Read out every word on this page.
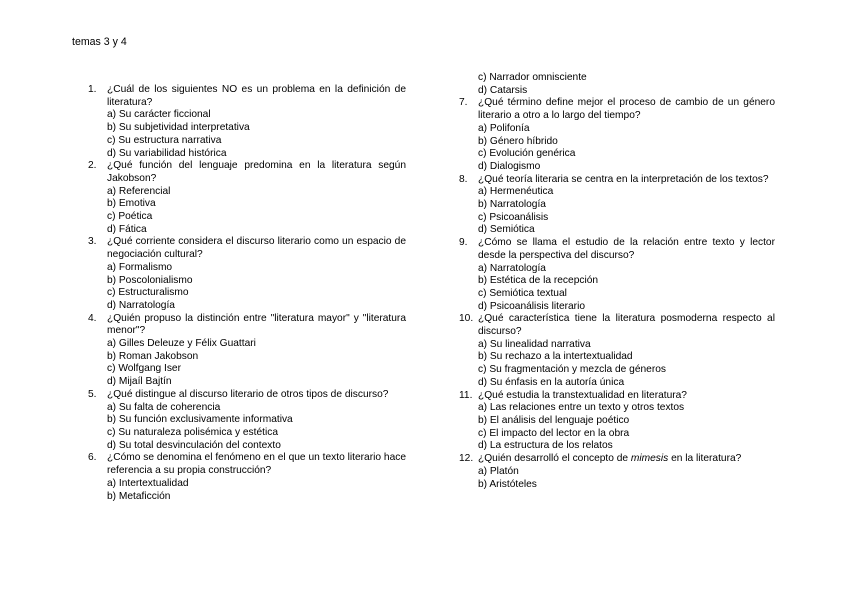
temas 3 y 4
1. ¿Cuál de los siguientes NO es un problema en la definición de literatura?
a) Su carácter ficcional
b) Su subjetividad interpretativa
c) Su estructura narrativa
d) Su variabilidad histórica
2. ¿Qué función del lenguaje predomina en la literatura según Jakobson?
a) Referencial
b) Emotiva
c) Poética
d) Fática
3. ¿Qué corriente considera el discurso literario como un espacio de negociación cultural?
a) Formalismo
b) Poscolonialismo
c) Estructuralismo
d) Narratología
4. ¿Quién propuso la distinción entre "literatura mayor" y "literatura menor"?
a) Gilles Deleuze y Félix Guattari
b) Roman Jakobson
c) Wolfgang Iser
d) Mijaíl Bajtín
5. ¿Qué distingue al discurso literario de otros tipos de discurso?
a) Su falta de coherencia
b) Su función exclusivamente informativa
c) Su naturaleza polisémica y estética
d) Su total desvinculación del contexto
6. ¿Cómo se denomina el fenómeno en el que un texto literario hace referencia a su propia construcción?
a) Intertextualidad
b) Metaficción
c) Narrador omnisciente
d) Catarsis
7. ¿Qué término define mejor el proceso de cambio de un género literario a otro a lo largo del tiempo?
a) Polifonía
b) Género híbrido
c) Evolución genérica
d) Dialogismo
8. ¿Qué teoría literaria se centra en la interpretación de los textos?
a) Hermenéutica
b) Narratología
c) Psicoanálisis
d) Semiótica
9. ¿Cómo se llama el estudio de la relación entre texto y lector desde la perspectiva del discurso?
a) Narratología
b) Estética de la recepción
c) Semiótica textual
d) Psicoanálisis literario
10. ¿Qué característica tiene la literatura posmoderna respecto al discurso?
a) Su linealidad narrativa
b) Su rechazo a la intertextualidad
c) Su fragmentación y mezcla de géneros
d) Su énfasis en la autoría única
11. ¿Qué estudia la transtextualidad en literatura?
a) Las relaciones entre un texto y otros textos
b) El análisis del lenguaje poético
c) El impacto del lector en la obra
d) La estructura de los relatos
12. ¿Quién desarrolló el concepto de mimesis en la literatura?
a) Platón
b) Aristóteles
